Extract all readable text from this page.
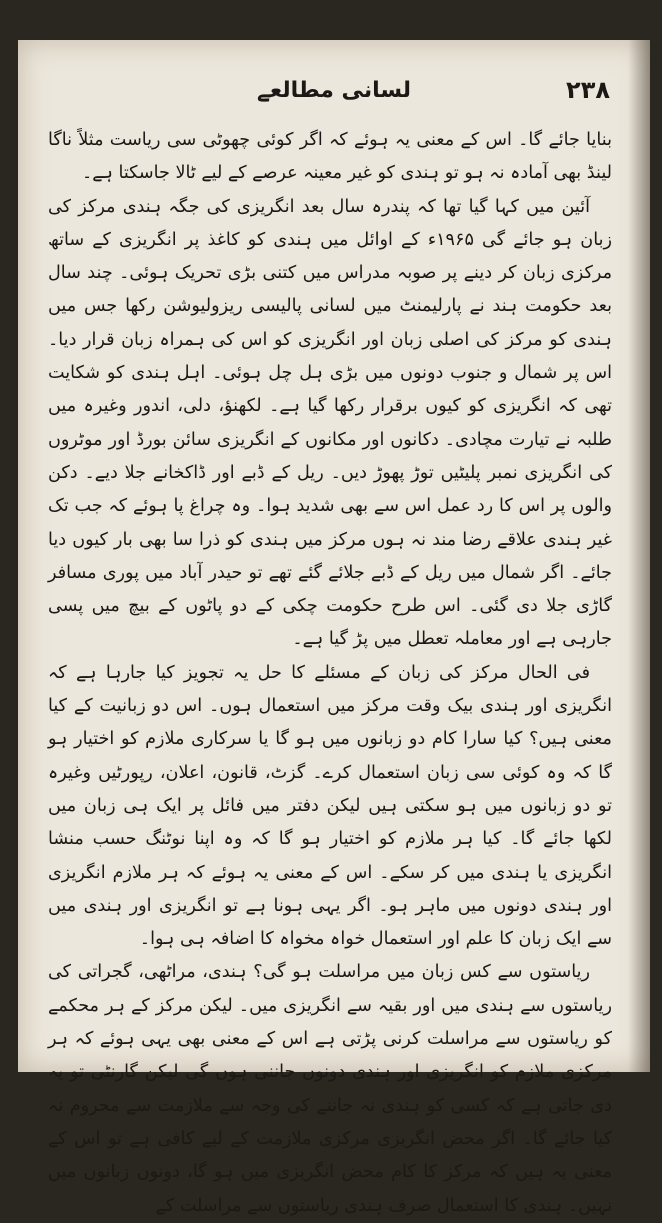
۲۳۸
لسانی مطالعے

بنایا جائے گا۔ اس کے معنی یہ ہوئے کہ اگر کوئی چھوٹی سی ریاست مثلاً ناگا لینڈ بھی آمادہ نہ ہو تو ہندی کو غیر معینہ عرصے کے لیے ٹالا جاسکتا ہے۔

آئین میں کہا گیا تھا کہ پندرہ سال بعد انگریزی کی جگہ ہندی مرکز کی زبان ہو جائے گی ۱۹۶۵ء کے اوائل میں ہندی کو کاغذ پر انگریزی کے ساتھ مرکزی زبان کر دینے پر صوبہ مدراس میں کتنی بڑی تحریک ہوئی۔ چند سال بعد حکومت ہند نے پارلیمنٹ میں لسانی پالیسی ریزولیوشن رکھا جس میں ہندی کو مرکز کی اصلی زبان اور انگریزی کو اس کی ہمراہ زبان قرار دیا۔ اس پر شمال و جنوب دونوں میں بڑی ہل چل ہوئی۔ اہل ہندی کو شکایت تھی کہ انگریزی کو کیوں برقرار رکھا گیا ہے۔ لکھنؤ، دلی، اندور وغیرہ میں طلبہ نے تیارت مچادی۔ دکانوں اور مکانوں کے انگریزی سائن بورڈ اور موٹروں کی انگریزی نمبر پلیٹیں توڑ پھوڑ دیں۔ ریل کے ڈبے اور ڈاکخانے جلا دیے۔ دکن والوں پر اس کا رد عمل اس سے بھی شدید ہوا۔ وہ چراغ پا ہوئے کہ جب تک غیر ہندی علاقے رضا مند نہ ہوں مرکز میں ہندی کو ذرا سا بھی بار کیوں دیا جائے۔ اگر شمال میں ریل کے ڈبے جلائے گئے تھے تو حیدر آباد میں پوری مسافر گاڑی جلا دی گئی۔ اس طرح حکومت چکی کے دو پاٹوں کے بیچ میں پسی جارہی ہے اور معاملہ تعطل میں پڑ گیا ہے۔

فی الحال مرکز کی زبان کے مسئلے کا حل یہ تجویز کیا جارہا ہے کہ انگریزی اور ہندی بیک وقت مرکز میں استعمال ہوں۔ اس دو زبانیت کے کیا معنی ہیں؟ کیا سارا کام دو زبانوں میں ہو گا یا سرکاری ملازم کو اختیار ہو گا کہ وہ کوئی سی زبان استعمال کرے۔ گزٹ، قانون، اعلان، رپورٹیں وغیرہ تو دو زبانوں میں ہو سکتی ہیں لیکن دفتر میں فائل پر ایک ہی زبان میں لکھا جائے گا۔ کیا ہر ملازم کو اختیار ہو گا کہ وہ اپنا نوٹنگ حسب منشا انگریزی یا ہندی میں کر سکے۔ اس کے معنی یہ ہوئے کہ ہر ملازم انگریزی اور ہندی دونوں میں ماہر ہو۔ اگر یہی ہونا ہے تو انگریزی اور ہندی میں سے ایک زبان کا علم اور استعمال خواہ مخواہ کا اضافہ ہی ہوا۔

ریاستوں سے کس زبان میں مراسلت ہو گی؟ ہندی، مراٹھی، گجراتی کی ریاستوں سے ہندی میں اور بقیہ سے انگریزی میں۔ لیکن مرکز کے ہر محکمے کو ریاستوں سے مراسلت کرنی پڑتی ہے اس کے معنی بھی یہی ہوئے کہ ہر مرکزی ملازم کو انگریزی اور ہندی دونوں جاننی ہوں گی لیکن گارنٹی تو یہ دی جاتی ہے کہ کسی کو ہندی نہ جاننے کی وجہ سے ملازمت سے محروم نہ کیا جائے گا۔ اگر محض انگریزی مرکزی ملازمت کے لیے کافی ہے تو اس کے معنی یہ ہیں کہ مرکز کا کام محض انگریزی میں ہو گا، دونوں زبانوں میں نہیں۔ ہندی کا استعمال صرف ہندی ریاستوں سے مراسلت کے
